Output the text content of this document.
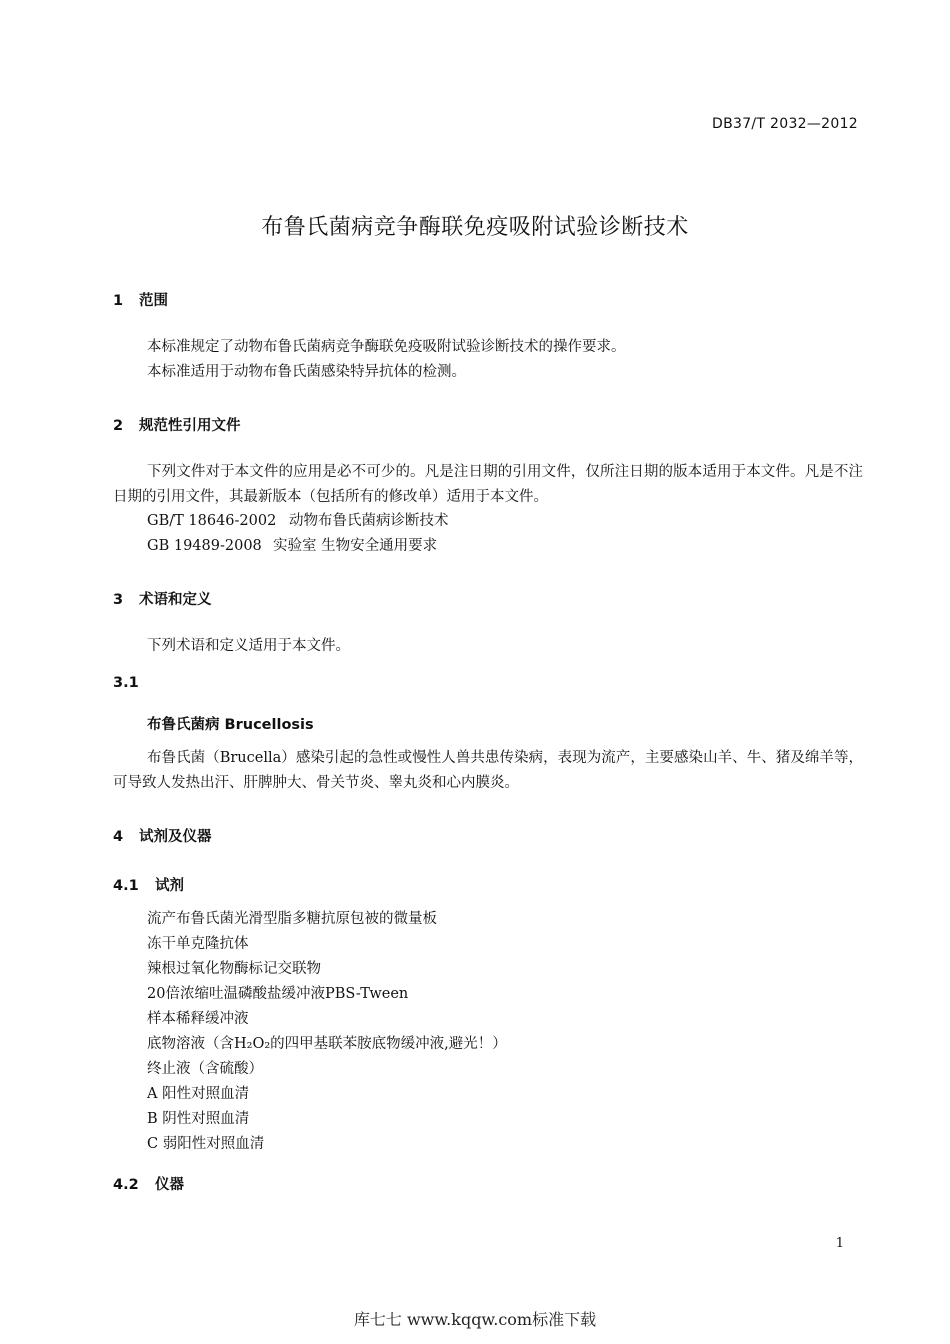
DB37/T 2032—2012
布鲁氏菌病竞争酶联免疫吸附试验诊断技术
1 范围
本标准规定了动物布鲁氏菌病竞争酶联免疫吸附试验诊断技术的操作要求。
本标准适用于动物布鲁氏菌感染特异抗体的检测。
2 规范性引用文件
下列文件对于本文件的应用是必不可少的。凡是注日期的引用文件，仅所注日期的版本适用于本文件。凡是不注日期的引用文件，其最新版本（包括所有的修改单）适用于本文件。
GB/T 18646-2002 动物布鲁氏菌病诊断技术
GB 19489-2008 实验室 生物安全通用要求
3 术语和定义
下列术语和定义适用于本文件。
3.1
布鲁氏菌病 Brucellosis
布鲁氏菌（Brucella）感染引起的急性或慢性人兽共患传染病，表现为流产，主要感染山羊、牛、猪及绵羊等，可导致人发热出汗、肝脾肿大、骨关节炎、睾丸炎和心内膜炎。
4 试剂及仪器
4.1 试剂
流产布鲁氏菌光滑型脂多糖抗原包被的微量板
冻干单克隆抗体
辣根过氧化物酶标记交联物
20倍浓缩吐温磷酸盐缓冲液PBS-Tween
样本稀释缓冲液
底物溶液（含H₂O₂的四甲基联苯胺底物缓冲液,避光！）
终止液（含硫酸）
A 阳性对照血清
B 阴性对照血清
C 弱阳性对照血清
4.2 仪器
1
库七七 www.kqqw.com标准下载
